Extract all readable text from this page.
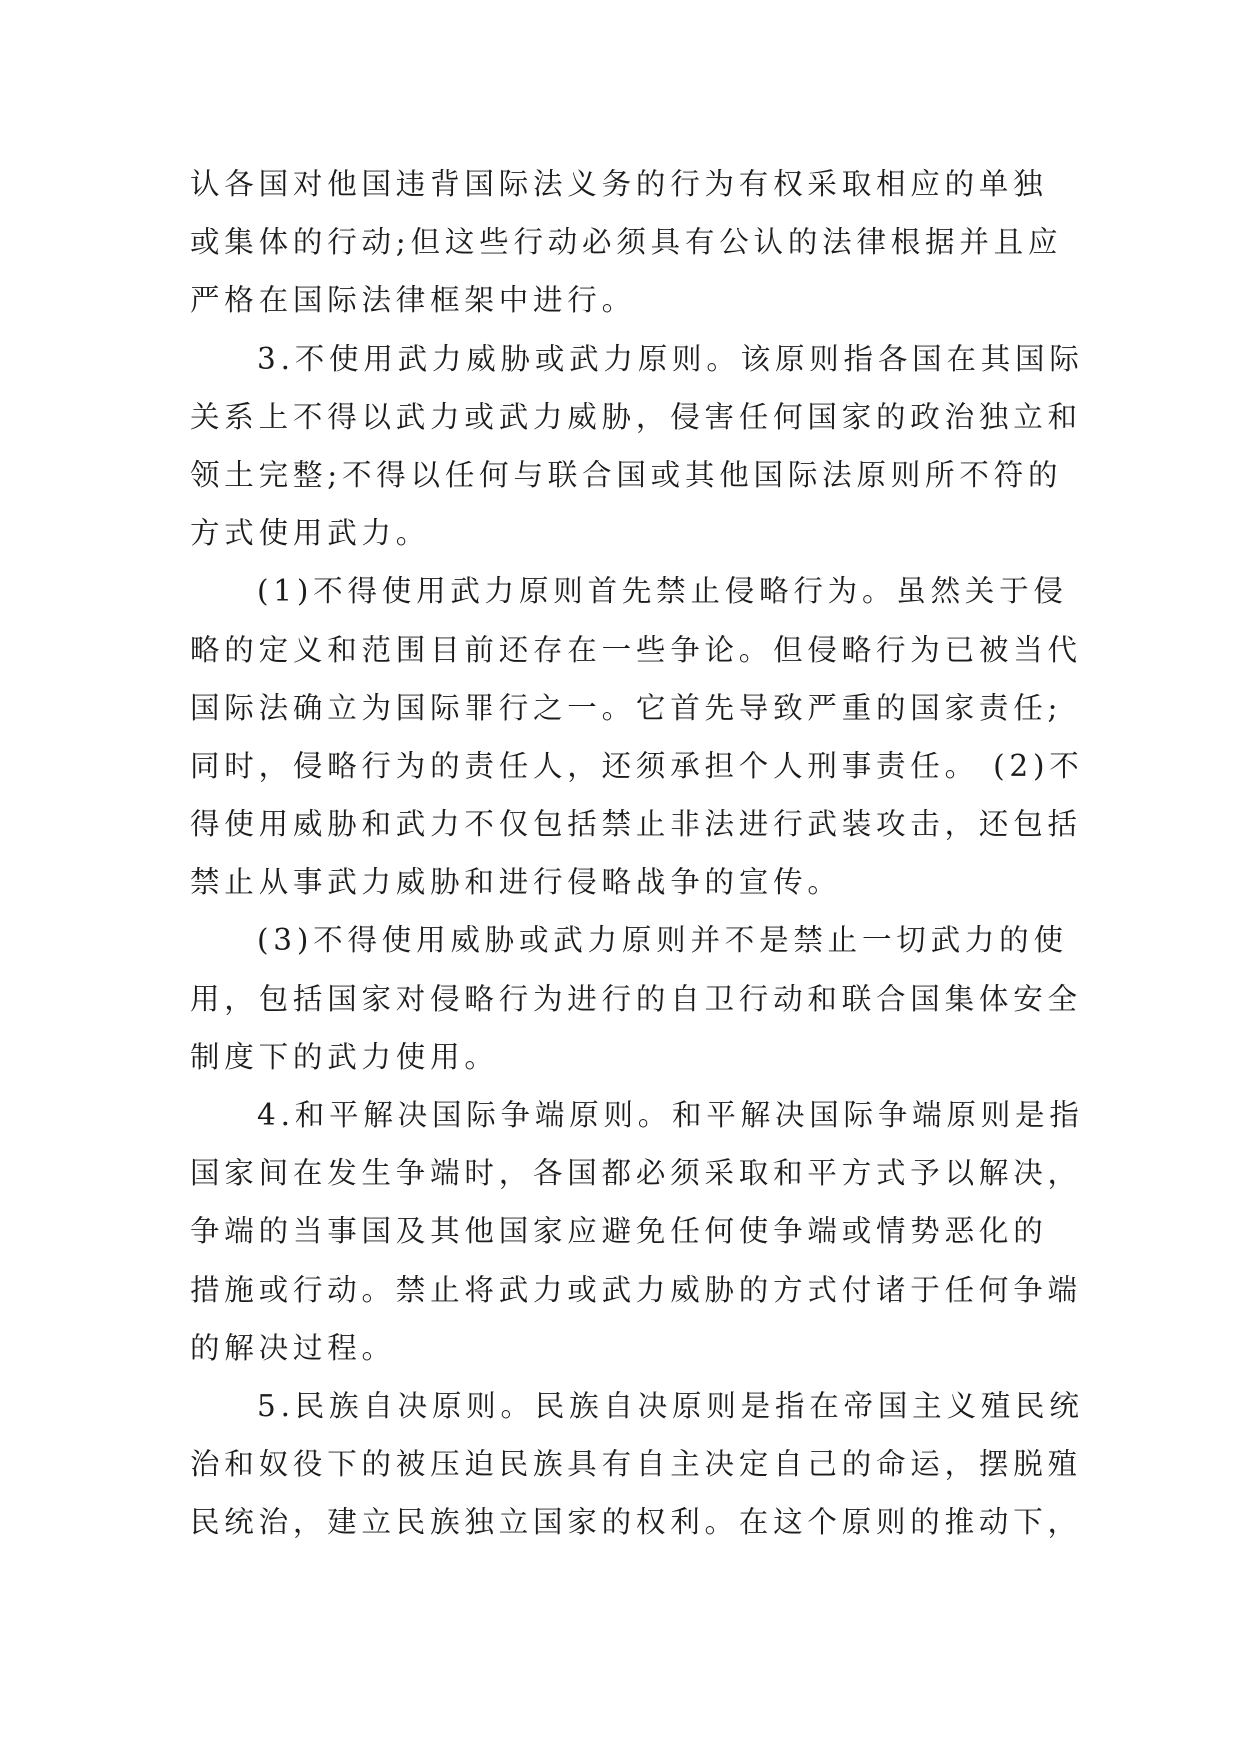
认各国对他国违背国际法义务的行为有权采取相应的单独
或集体的行动;但这些行动必须具有公认的法律根据并且应
严格在国际法律框架中进行。
3.不使用武力威胁或武力原则。该原则指各国在其国际
关系上不得以武力或武力威胁，侵害任何国家的政治独立和
领土完整;不得以任何与联合国或其他国际法原则所不符的
方式使用武力。
(1)不得使用武力原则首先禁止侵略行为。虽然关于侵
略的定义和范围目前还存在一些争论。但侵略行为已被当代
国际法确立为国际罪行之一。它首先导致严重的国家责任;
同时，侵略行为的责任人，还须承担个人刑事责任。 (2)不
得使用威胁和武力不仅包括禁止非法进行武装攻击，还包括
禁止从事武力威胁和进行侵略战争的宣传。
(3)不得使用威胁或武力原则并不是禁止一切武力的使
用，包括国家对侵略行为进行的自卫行动和联合国集体安全
制度下的武力使用。
4.和平解决国际争端原则。和平解决国际争端原则是指
国家间在发生争端时，各国都必须采取和平方式予以解决，
争端的当事国及其他国家应避免任何使争端或情势恶化的
措施或行动。禁止将武力或武力威胁的方式付诸于任何争端
的解决过程。
5.民族自决原则。民族自决原则是指在帝国主义殖民统
治和奴役下的被压迫民族具有自主决定自己的命运，摆脱殖
民统治，建立民族独立国家的权利。在这个原则的推动下，
